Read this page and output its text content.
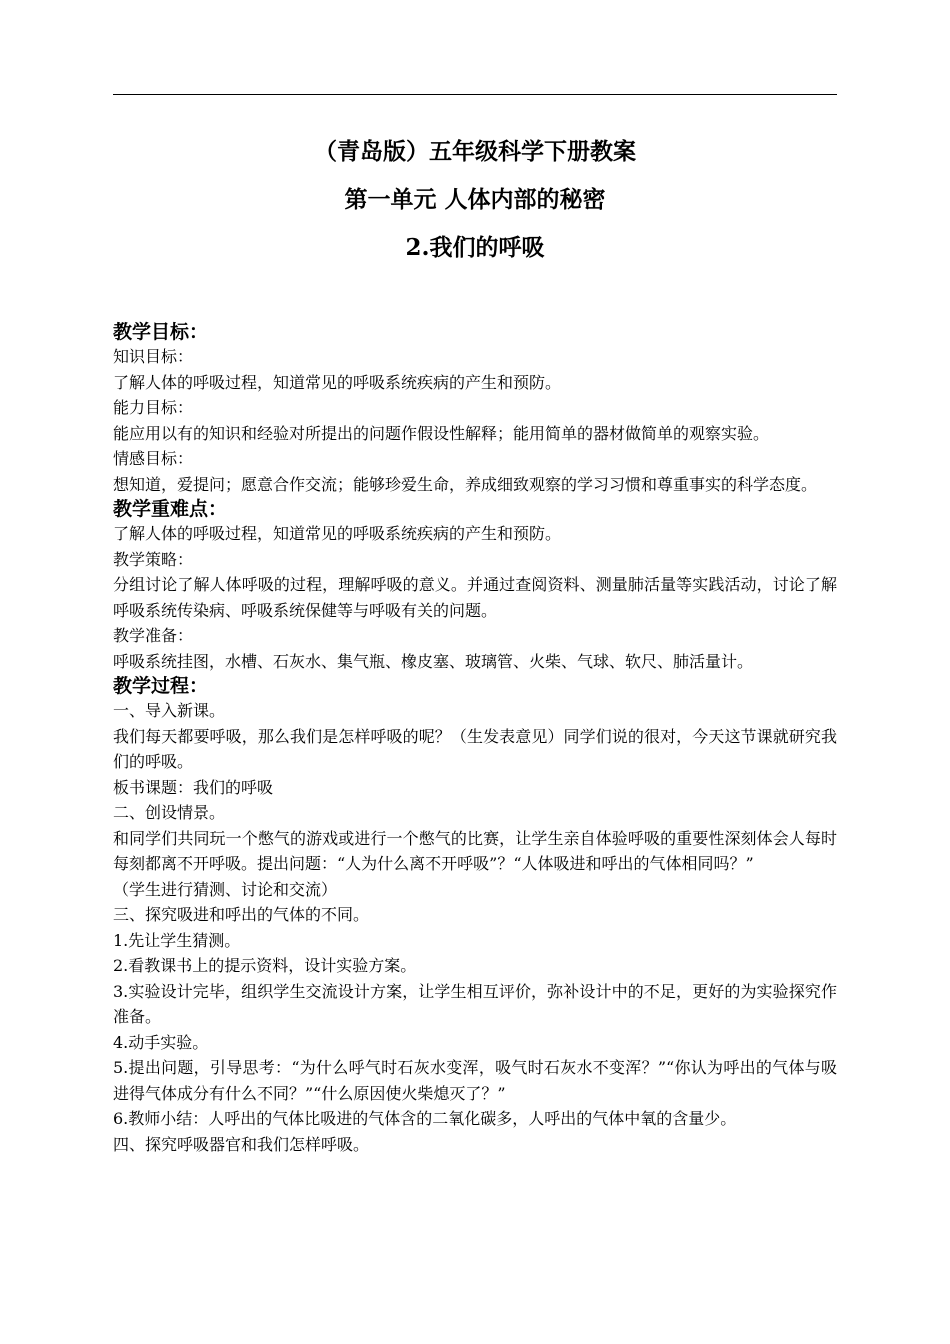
（青岛版）五年级科学下册教案
第一单元 人体内部的秘密
2.我们的呼吸
教学目标：

知识目标：

了解人体的呼吸过程，知道常见的呼吸系统疾病的产生和预防。

能力目标：

能应用以有的知识和经验对所提出的问题作假设性解释；能用简单的器材做简单的观察实验。

情感目标：

想知道，爱提问；愿意合作交流；能够珍爱生命，养成细致观察的学习习惯和尊重事实的科学态度。

教学重难点：

了解人体的呼吸过程，知道常见的呼吸系统疾病的产生和预防。

教学策略：

分组讨论了解人体呼吸的过程，理解呼吸的意义。并通过查阅资料、测量肺活量等实践活动，讨论了解呼吸系统传染病、呼吸系统保健等与呼吸有关的问题。

教学准备：

呼吸系统挂图，水槽、石灰水、集气瓶、橡皮塞、玻璃管、火柴、气球、软尺、肺活量计。

教学过程：

一、导入新课。

我们每天都要呼吸，那么我们是怎样呼吸的呢？（生发表意见）同学们说的很对，今天这节课就研究我们的呼吸。

板书课题：我们的呼吸

二、创设情景。

和同学们共同玩一个憋气的游戏或进行一个憋气的比赛，让学生亲自体验呼吸的重要性深刻体会人每时每刻都离不开呼吸。提出问题：“人为什么离不开呼吸”？“人体吸进和呼出的气体相同吗？”

（学生进行猜测、讨论和交流）

三、探究吸进和呼出的气体的不同。

1.先让学生猜测。

2.看教课书上的提示资料，设计实验方案。

3.实验设计完毕，组织学生交流设计方案，让学生相互评价，弥补设计中的不足，更好的为实验探究作准备。

4.动手实验。

5.提出问题，引导思考：“为什么呼气时石灰水变浑，吸气时石灰水不变浑？”“你认为呼出的气体与吸进得气体成分有什么不同？”“什么原因使火柴熄灭了？”

6.教师小结：人呼出的气体比吸进的气体含的二氧化碳多，人呼出的气体中氧的含量少。

四、探究呼吸器官和我们怎样呼吸。
